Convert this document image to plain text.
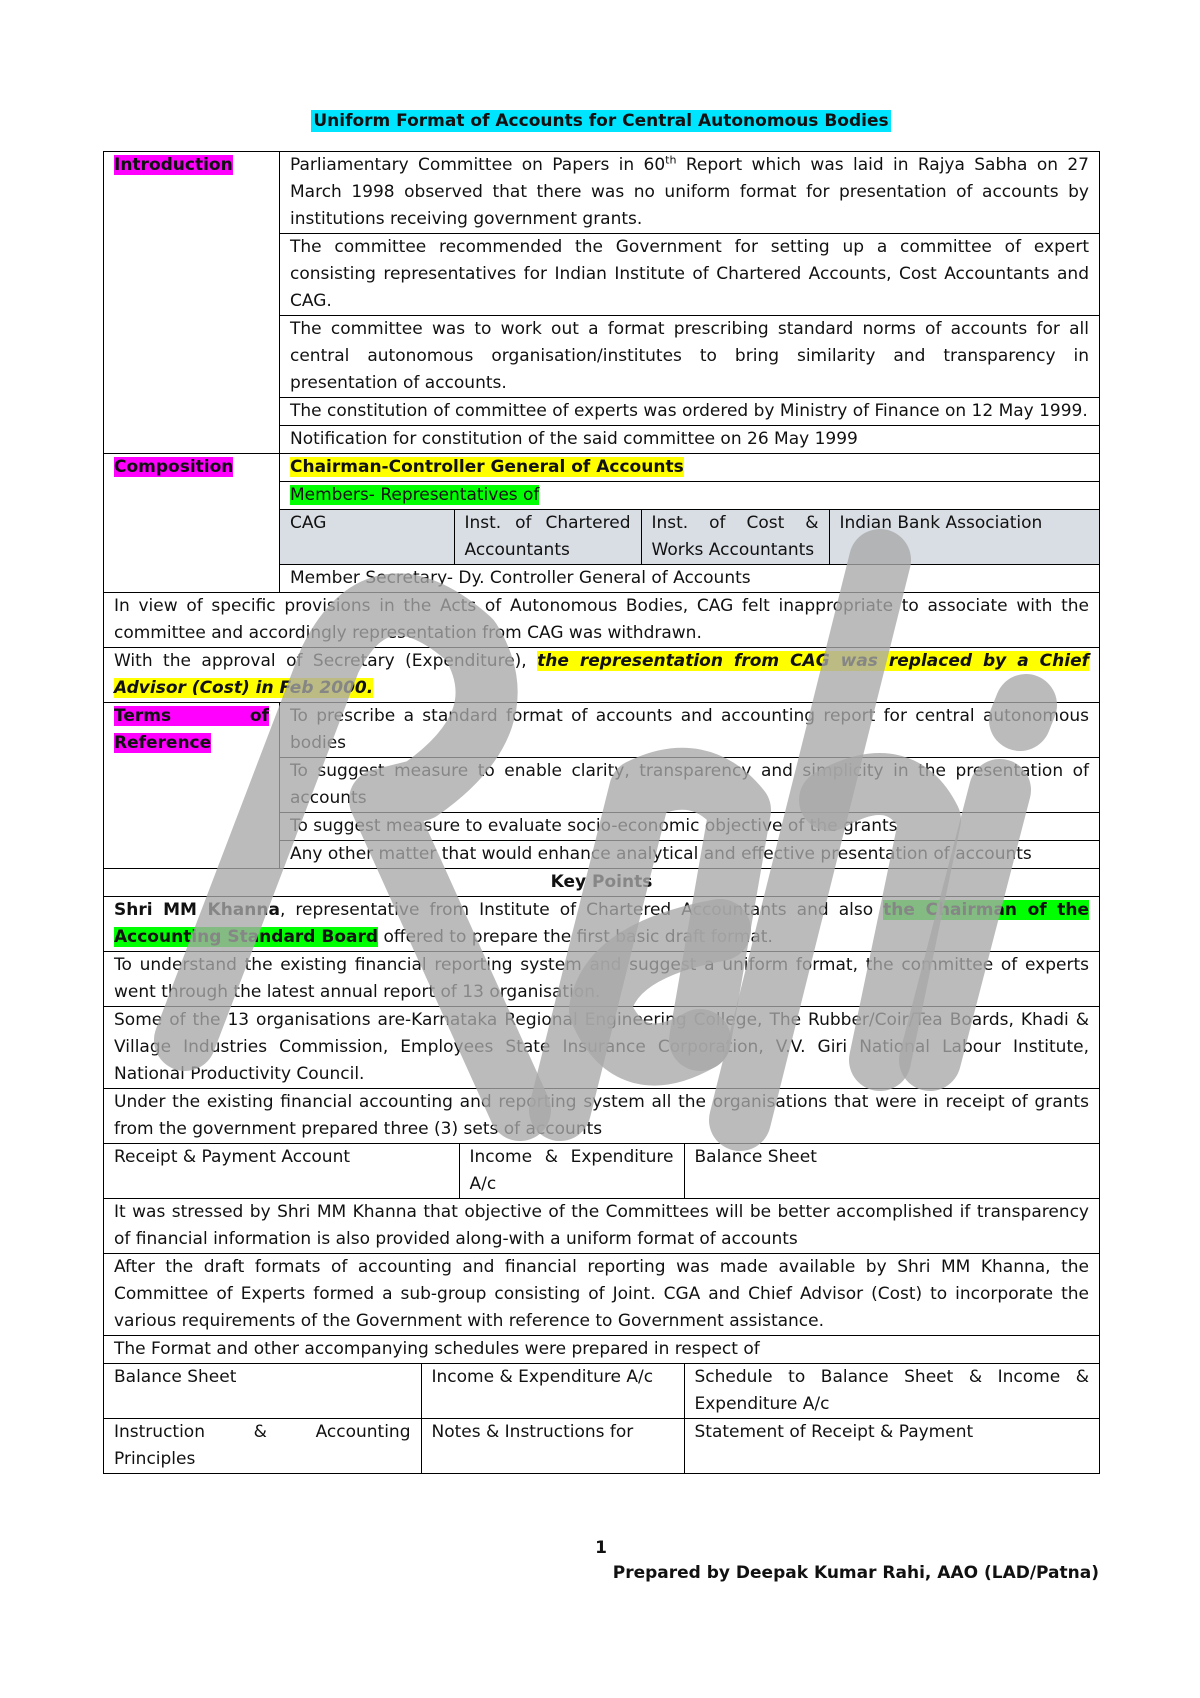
Uniform Format of Accounts for Central Autonomous Bodies
Introduction	Parliamentary Committee on Papers in 60th Report which was laid in Rajya Sabha on 27 March 1998 observed that there was no uniform format for presentation of accounts by institutions receiving government grants.
The committee recommended the Government for setting up a committee of expert consisting representatives for Indian Institute of Chartered Accounts, Cost Accountants and CAG.
The committee was to work out a format prescribing standard norms of accounts for all central autonomous organisation/institutes to bring similarity and transparency in presentation of accounts.
The constitution of committee of experts was ordered by Ministry of Finance on 12 May 1999.
Notification for constitution of the said committee on 26 May 1999
Composition	Chairman-Controller General of Accounts
Members- Representatives of

CAG	Inst. of Chartered Accountants	Inst. of Cost & Works Accountants	Indian Bank Association

Member Secretary- Dy. Controller General of Accounts
In view of specific provisions in the Acts of Autonomous Bodies, CAG felt inappropriate to associate with the committee and accordingly representation from CAG was withdrawn.
With the approval of Secretary (Expenditure), the representation from CAG was replaced by a Chief Advisor (Cost) in Feb 2000.
Terms of Reference	To prescribe a standard format of accounts and accounting report for central autonomous bodies
To suggest measure to enable clarity, transparency and simplicity in the presentation of accounts
To suggest measure to evaluate socio-economic objective of the grants
Any other matter that would enhance analytical and effective presentation of accounts
Key Points
Shri MM Khanna, representative from Institute of Chartered Accountants and also the Chairman of the Accounting Standard Board offered to prepare the first basic draft format.
To understand the existing financial reporting system and suggest a uniform format, the committee of experts went through the latest annual report of 13 organisation.
Some of the 13 organisations are-Karnataka Regional Engineering College, The Rubber/Coir/Tea Boards, Khadi & Village Industries Commission, Employees State Insurance Corporation, V.V. Giri National Labour Institute, National Productivity Council.
Under the existing financial accounting and reporting system all the organisations that were in receipt of grants from the government prepared three (3) sets of accounts

Receipt & Payment Account	Income & Expenditure A/c	Balance Sheet

It was stressed by Shri MM Khanna that objective of the Committees will be better accomplished if transparency of financial information is also provided along-with a uniform format of accounts
After the draft formats of accounting and financial reporting was made available by Shri MM Khanna, the Committee of Experts formed a sub-group consisting of Joint. CGA and Chief Advisor (Cost) to incorporate the various requirements of the Government with reference to Government assistance.
The Format and other accompanying schedules were prepared in respect of

Balance Sheet	Income & Expenditure A/c	Schedule to Balance Sheet & Income & Expenditure A/c
Instruction & Accounting Principles	Notes & Instructions for	Statement of Receipt & Payment
1
Prepared by Deepak Kumar Rahi, AAO (LAD/Patna)
